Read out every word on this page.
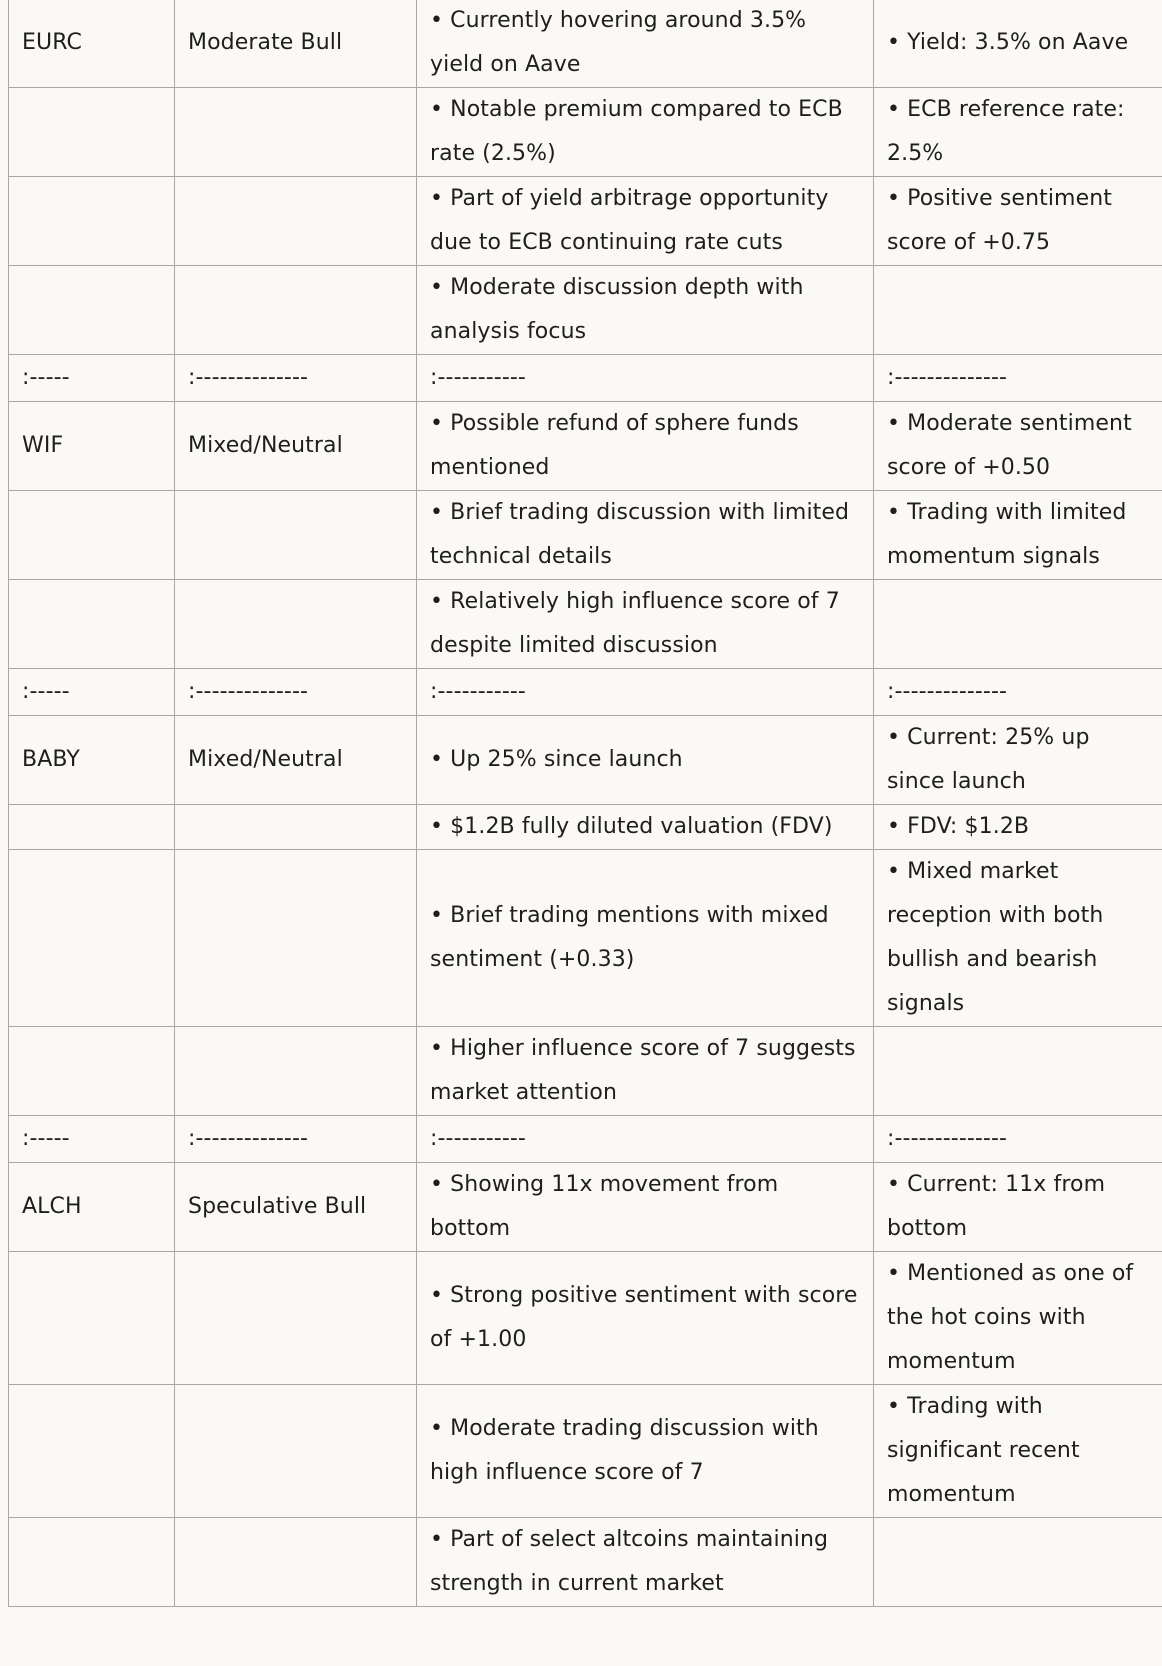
EURC	Moderate Bull	• Currently hovering around 3.5% yield on Aave	• Yield: 3.5% on Aave
		• Notable premium compared to ECB rate (2.5%)	• ECB reference rate: 2.5%
		• Part of yield arbitrage opportunity due to ECB continuing rate cuts	• Positive sentiment score of +0.75
		• Moderate discussion depth with analysis focus	
:-----	:--------------	:-----------	:--------------
WIF	Mixed/Neutral	• Possible refund of sphere funds mentioned	• Moderate sentiment score of +0.50
		• Brief trading discussion with limited technical details	• Trading with limited momentum signals
		• Relatively high influence score of 7 despite limited discussion	
:-----	:--------------	:-----------	:--------------
BABY	Mixed/Neutral	• Up 25% since launch	• Current: 25% up since launch
		• $1.2B fully diluted valuation (FDV)	• FDV: $1.2B
		• Brief trading mentions with mixed sentiment (+0.33)	• Mixed market reception with both bullish and bearish signals
		• Higher influence score of 7 suggests market attention	
:-----	:--------------	:-----------	:--------------
ALCH	Speculative Bull	• Showing 11x movement from bottom	• Current: 11x from bottom
		• Strong positive sentiment with score of +1.00	• Mentioned as one of the hot coins with momentum
		• Moderate trading discussion with high influence score of 7	• Trading with significant recent momentum
		• Part of select altcoins maintaining strength in current market	
